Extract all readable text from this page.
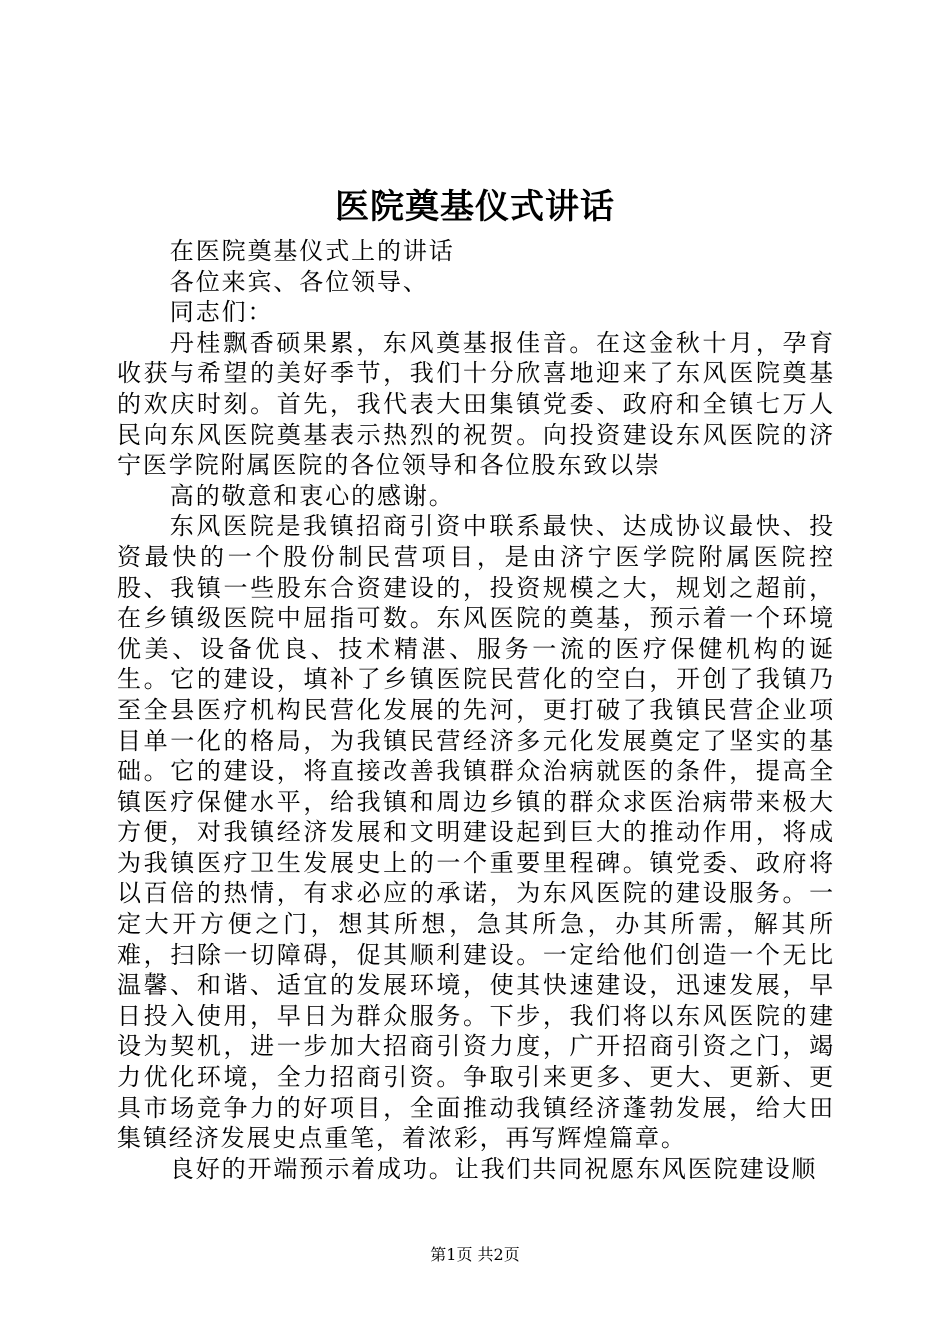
医院奠基仪式讲话

在医院奠基仪式上的讲话

各位来宾、各位领导、

同志们：

丹桂飘香硕果累，东风奠基报佳音。在这金秋十月，孕育收获与希望的美好季节，我们十分欣喜地迎来了东风医院奠基的欢庆时刻。首先，我代表大田集镇党委、政府和全镇七万人民向东风医院奠基表示热烈的祝贺。向投资建设东风医院的济宁医学院附属医院的各位领导和各位股东致以崇

高的敬意和衷心的感谢。

东风医院是我镇招商引资中联系最快、达成协议最快、投资最快的一个股份制民营项目，是由济宁医学院附属医院控股、我镇一些股东合资建设的，投资规模之大，规划之超前，在乡镇级医院中屈指可数。东风医院的奠基，预示着一个环境优美、设备优良、技术精湛、服务一流的医疗保健机构的诞生。它的建设，填补了乡镇医院民营化的空白，开创了我镇乃至全县医疗机构民营化发展的先河，更打破了我镇民营企业项目单一化的格局，为我镇民营经济多元化发展奠定了坚实的基础。它的建设，将直接改善我镇群众治病就医的条件，提高全镇医疗保健水平，给我镇和周边乡镇的群众求医治病带来极大方便，对我镇经济发展和文明建设起到巨大的推动作用，将成为我镇医疗卫生发展史上的一个重要里程碑。镇党委、政府将以百倍的热情，有求必应的承诺，为东风医院的建设服务。一定大开方便之门，想其所想，急其所急，办其所需，解其所难，扫除一切障碍，促其顺利建设。一定给他们创造一个无比温馨、和谐、适宜的发展环境，使其快速建设，迅速发展，早日投入使用，早日为群众服务。下步，我们将以东风医院的建设为契机，进一步加大招商引资力度，广开招商引资之门，竭力优化环境，全力招商引资。争取引来更多、更大、更新、更具市场竞争力的好项目，全面推动我镇经济蓬勃发展，给大田集镇经济发展史点重笔，着浓彩，再写辉煌篇章。

良好的开端预示着成功。让我们共同祝愿东风医院建设顺

第1页 共2页
